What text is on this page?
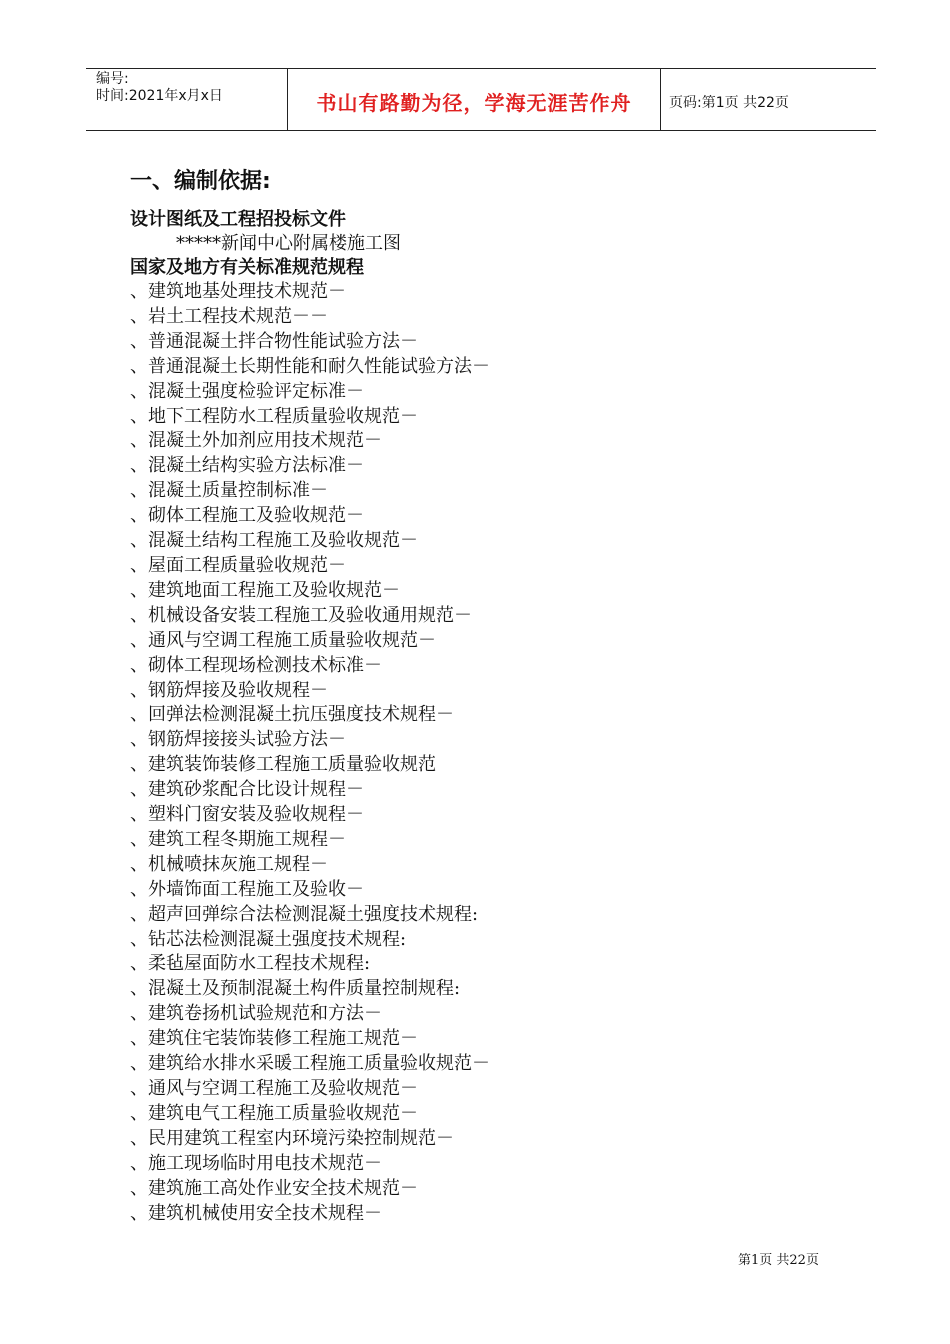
编号:
时间:2021年x月x日	书山有路勤为径，学海无涯苦作舟	页码:第1页 共22页
一、编制依据:
设计图纸及工程招投标文件
*****新闻中心附属楼施工图
国家及地方有关标准规范规程
、建筑地基处理技术规范－
、岩土工程技术规范－－
、普通混凝土拌合物性能试验方法－
、普通混凝土长期性能和耐久性能试验方法－
、混凝土强度检验评定标准－
、地下工程防水工程质量验收规范－
、混凝土外加剂应用技术规范－
、混凝土结构实验方法标准－
、混凝土质量控制标准－
、砌体工程施工及验收规范－
、混凝土结构工程施工及验收规范－
、屋面工程质量验收规范－
、建筑地面工程施工及验收规范－
、机械设备安装工程施工及验收通用规范－
、通风与空调工程施工质量验收规范－
、砌体工程现场检测技术标准－
、钢筋焊接及验收规程－
、回弹法检测混凝土抗压强度技术规程－
、钢筋焊接接头试验方法－
、建筑装饰装修工程施工质量验收规范
、建筑砂浆配合比设计规程－
、塑料门窗安装及验收规程－
、建筑工程冬期施工规程－
、机械喷抹灰施工规程－
、外墙饰面工程施工及验收－
、超声回弹综合法检测混凝土强度技术规程:
、钻芯法检测混凝土强度技术规程:
、柔毡屋面防水工程技术规程:
、混凝土及预制混凝土构件质量控制规程:
、建筑卷扬机试验规范和方法－
、建筑住宅装饰装修工程施工规范－
、建筑给水排水采暖工程施工质量验收规范－
、通风与空调工程施工及验收规范－
、建筑电气工程施工质量验收规范－
、民用建筑工程室内环境污染控制规范－
、施工现场临时用电技术规范－
、建筑施工高处作业安全技术规范－
、建筑机械使用安全技术规程－
第1页 共22页
